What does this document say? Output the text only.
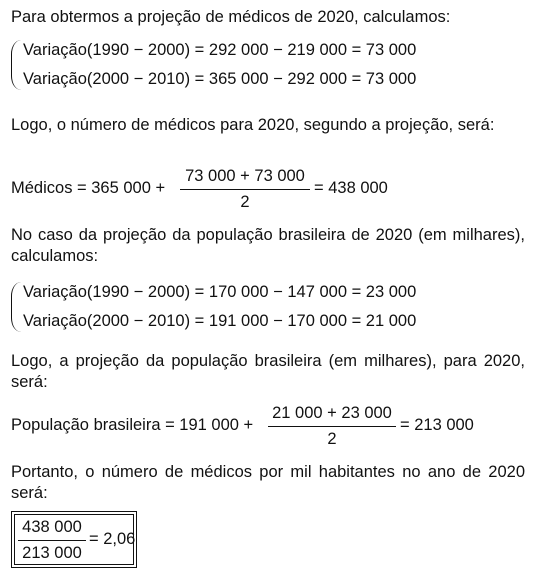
Para obtermos a projeção de médicos de 2020, calculamos:

Variação(1990 − 2000) = 292 000 − 219 000 = 73 000
Variação(2000 − 2010) = 365 000 − 292 000 = 73 000

Logo, o número de médicos para 2020, segundo a projeção, será:

Médicos = 365 000 +
73 000 + 73 000
2
= 438 000

No caso da projeção da população brasileira de 2020 (em milhares), calculamos:

Variação(1990 − 2000) = 170 000 − 147 000 = 23 000
Variação(2000 − 2010) = 191 000 − 170 000 = 21 000

Logo, a projeção da população brasileira (em milhares), para 2020, será:

População brasileira = 191 000 +
21 000 + 23 000
2
= 213 000

Portanto, o número de médicos por mil habitantes no ano de 2020 será:

438 000
213 000
= 2,06
